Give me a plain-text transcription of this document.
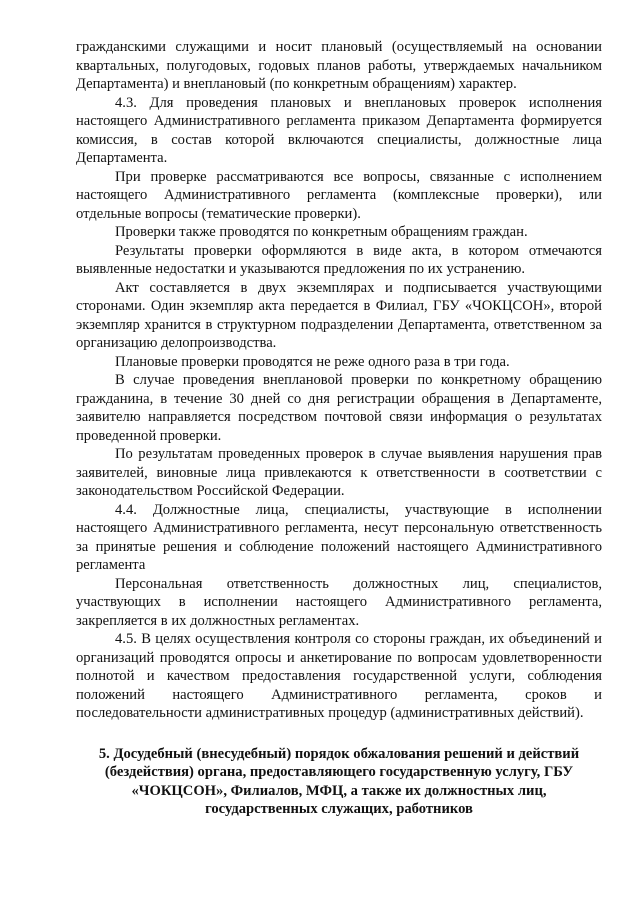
гражданскими служащими и носит плановый (осуществляемый на основании квартальных, полугодовых, годовых планов работы, утверждаемых начальником Департамента) и внеплановый (по конкретным обращениям) характер.

4.3. Для проведения плановых и внеплановых проверок исполнения настоящего Административного регламента приказом Департамента формируется комиссия, в состав которой включаются специалисты, должностные лица Департамента.

При проверке рассматриваются все вопросы, связанные с исполнением настоящего Административного регламента (комплексные проверки), или отдельные вопросы (тематические проверки).

Проверки также проводятся по конкретным обращениям граждан.

Результаты проверки оформляются в виде акта, в котором отмечаются выявленные недостатки и указываются предложения по их устранению.

Акт составляется в двух экземплярах и подписывается участвующими сторонами. Один экземпляр акта передается в Филиал, ГБУ «ЧОКЦСОН», второй экземпляр хранится в структурном подразделении Департамента, ответственном за организацию делопроизводства.

Плановые проверки проводятся не реже одного раза в три года.

В случае проведения внеплановой проверки по конкретному обращению гражданина, в течение 30 дней со дня регистрации обращения в Департаменте, заявителю направляется посредством почтовой связи информация о результатах проведенной проверки.

По результатам проведенных проверок в случае выявления нарушения прав заявителей, виновные лица привлекаются к ответственности в соответствии с законодательством Российской Федерации.

4.4. Должностные лица, специалисты, участвующие в исполнении настоящего Административного регламента, несут персональную ответственность за принятые решения и соблюдение положений настоящего Административного регламента

Персональная ответственность должностных лиц, специалистов, участвующих в исполнении настоящего Административного регламента, закрепляется в их должностных регламентах.

4.5. В целях осуществления контроля со стороны граждан, их объединений и организаций проводятся опросы и анкетирование по вопросам удовлетворенности полнотой и качеством предоставления государственной услуги, соблюдения положений настоящего Административного регламента, сроков и последовательности административных процедур (административных действий).

5. Досудебный (внесудебный) порядок обжалования решений и действий (бездействия) органа, предоставляющего государственную услугу, ГБУ «ЧОКЦСОН», Филиалов, МФЦ, а также их должностных лиц, государственных служащих, работников
